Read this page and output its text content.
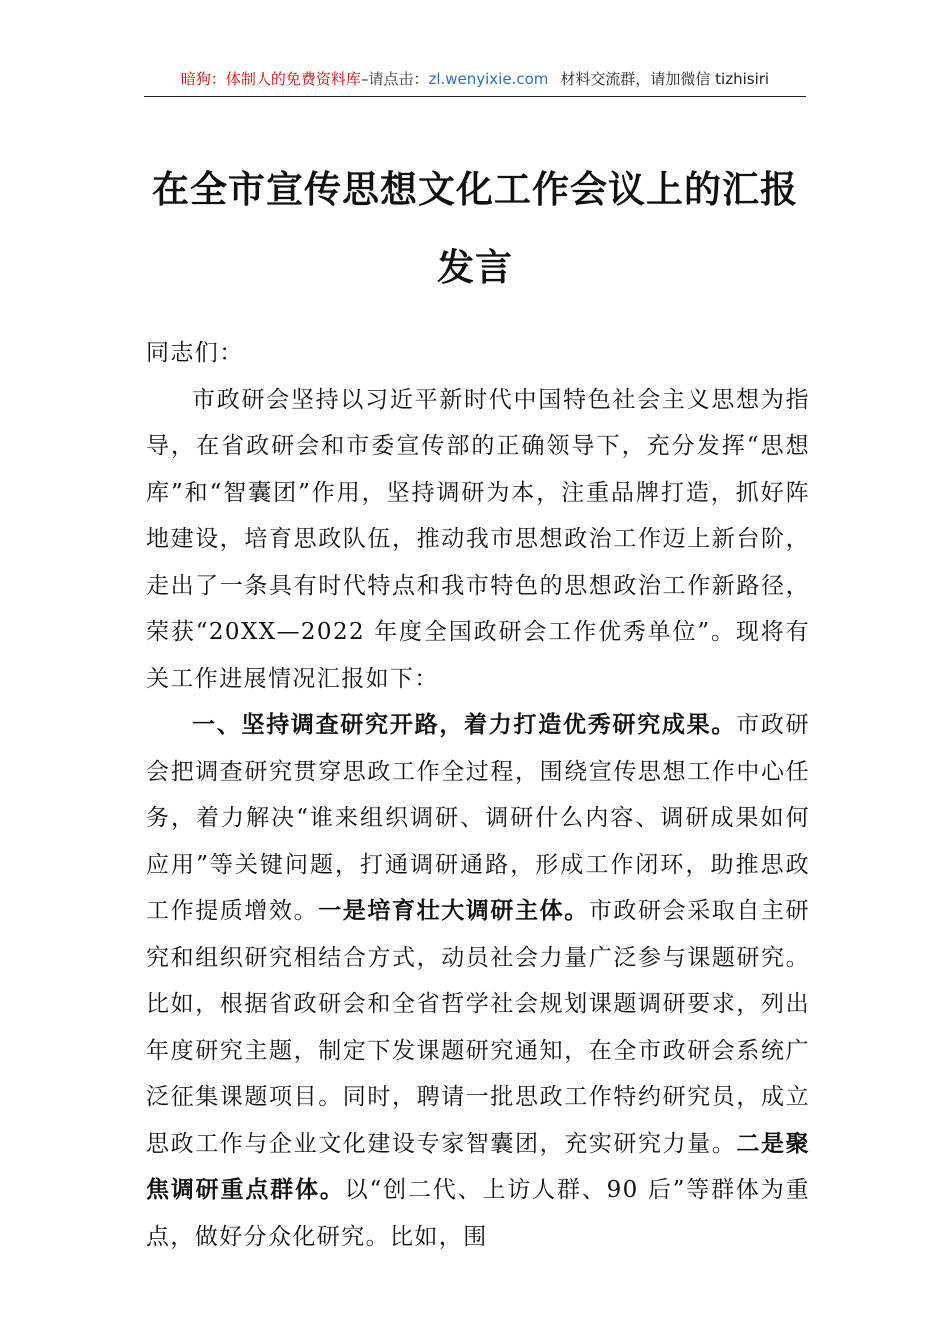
暗狗：体制人的免费资料库–请点击：zl.wenyixie.com 材料交流群，请加微信 tizhisiri
在全市宣传思想文化工作会议上的汇报发言

同志们：

市政研会坚持以习近平新时代中国特色社会主义思想为指导，在省政研会和市委宣传部的正确领导下，充分发挥“思想库”和“智囊团”作用，坚持调研为本，注重品牌打造，抓好阵地建设，培育思政队伍，推动我市思想政治工作迈上新台阶，走出了一条具有时代特点和我市特色的思想政治工作新路径，荣获“20XX—2022 年度全国政研会工作优秀单位”。现将有关工作进展情况汇报如下：

一、坚持调查研究开路，着力打造优秀研究成果。市政研会把调查研究贯穿思政工作全过程，围绕宣传思想工作中心任务，着力解决“谁来组织调研、调研什么内容、调研成果如何应用”等关键问题，打通调研通路，形成工作闭环，助推思政工作提质增效。一是培育壮大调研主体。市政研会采取自主研究和组织研究相结合方式，动员社会力量广泛参与课题研究。比如，根据省政研会和全省哲学社会规划课题调研要求，列出年度研究主题，制定下发课题研究通知，在全市政研会系统广泛征集课题项目。同时，聘请一批思政工作特约研究员，成立思政工作与企业文化建设专家智囊团，充实研究力量。二是聚焦调研重点群体。以“创二代、上访人群、90 后”等群体为重点，做好分众化研究。比如，围
